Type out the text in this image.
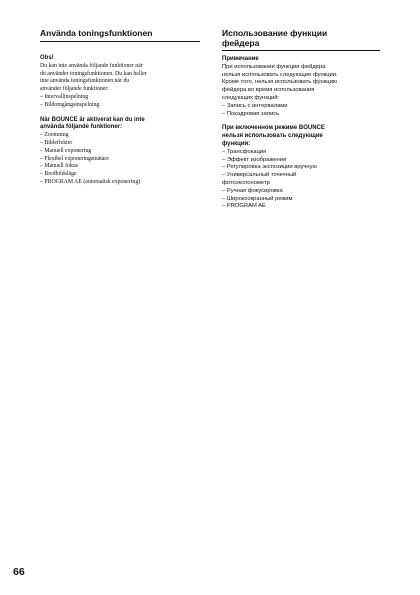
Använda toningsfunktionen
Obs!
Du kan inte använda följande funktioner när
du använder toningsfunktionen. Du kan heller
inte använda toningsfunktionen när du
använder följande funktioner:
– Intervallinspelning
– Bildomgångsinspelning
När BOUNCE är aktiverat kan du inte
använda följande funktioner:
– Zoomning
– Bildeffekter
– Manuell exponering
– Flexibel exponeringsmätare
– Manuell fokus
– Bredbildsläge
– PROGRAM AE (automatisk exponering)
Использование функции
фейдера
Примечание
При использовании функции фейдера
нельзя использовать следующие функции.
Кроме того, нельзя использовать функцию
фейдера во время использования
следующих функций:
– Запись с интервалами
– Покадровая запись
При включенном режиме BOUNCE
нельзя использовать следующие
функции:
– Трансфокация
– Эффект изображения
– Регулировка экспозиции вручную
– Универсальный точечный
фотоэкспонометр
– Ручная фокусировка
– Широкоэкранный режим
– PROGRAM AE
66
